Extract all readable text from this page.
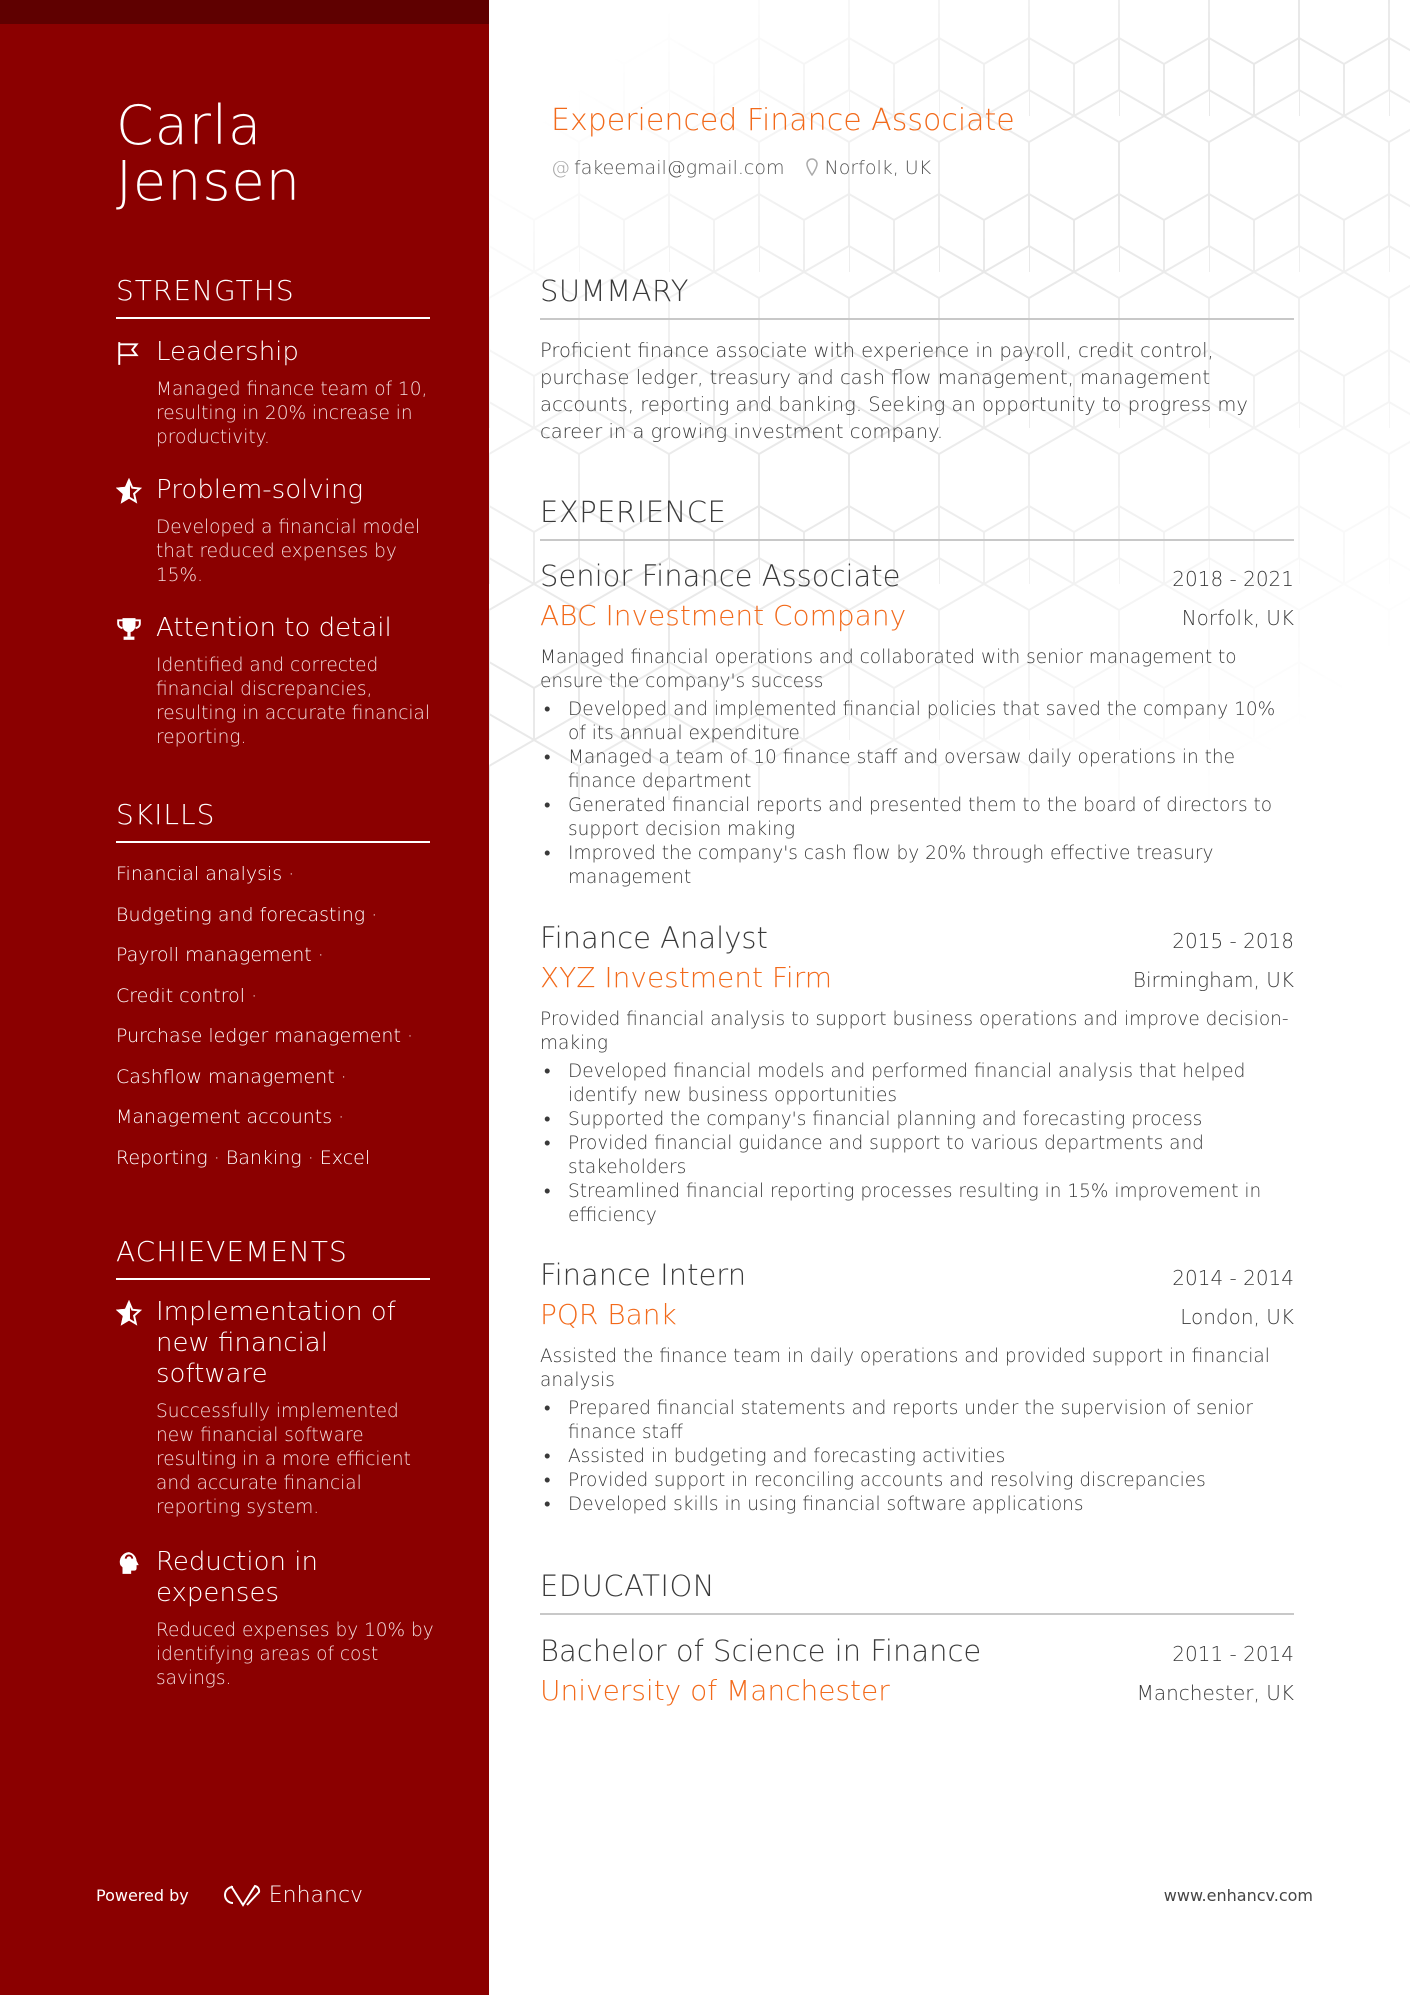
Carla
Jensen
STRENGTHS
Leadership
Managed finance team of 10, resulting in 20% increase in productivity.
Problem-solving
Developed a financial model that reduced expenses by 15%.
Attention to detail
Identified and corrected financial discrepancies, resulting in accurate financial reporting.
SKILLS
Financial analysis ·
Budgeting and forecasting ·
Payroll management ·
Credit control ·
Purchase ledger management ·
Cashflow management ·
Management accounts ·
Reporting · Banking · Excel
ACHIEVEMENTS
Implementation of new financial software
Successfully implemented new financial software resulting in a more efficient and accurate financial reporting system.
Reduction in expenses
Reduced expenses by 10% by identifying areas of cost savings.
Powered by	Enhancv
Experienced Finance Associate
@ fakeemail@gmail.com	Norfolk, UK
SUMMARY
Proficient finance associate with experience in payroll, credit control, purchase ledger, treasury and cash flow management, management accounts, reporting and banking. Seeking an opportunity to progress my career in a growing investment company.
EXPERIENCE
Senior Finance Associate	2018 - 2021
ABC Investment Company	Norfolk, UK
Managed financial operations and collaborated with senior management to ensure the company's success
• Developed and implemented financial policies that saved the company 10% of its annual expenditure
• Managed a team of 10 finance staff and oversaw daily operations in the finance department
• Generated financial reports and presented them to the board of directors to support decision making
• Improved the company's cash flow by 20% through effective treasury management
Finance Analyst	2015 - 2018
XYZ Investment Firm	Birmingham, UK
Provided financial analysis to support business operations and improve decision-making
• Developed financial models and performed financial analysis that helped identify new business opportunities
• Supported the company's financial planning and forecasting process
• Provided financial guidance and support to various departments and stakeholders
• Streamlined financial reporting processes resulting in 15% improvement in efficiency
Finance Intern	2014 - 2014
PQR Bank	London, UK
Assisted the finance team in daily operations and provided support in financial analysis
• Prepared financial statements and reports under the supervision of senior finance staff
• Assisted in budgeting and forecasting activities
• Provided support in reconciling accounts and resolving discrepancies
• Developed skills in using financial software applications
EDUCATION
Bachelor of Science in Finance	2011 - 2014
University of Manchester	Manchester, UK
www.enhancv.com
